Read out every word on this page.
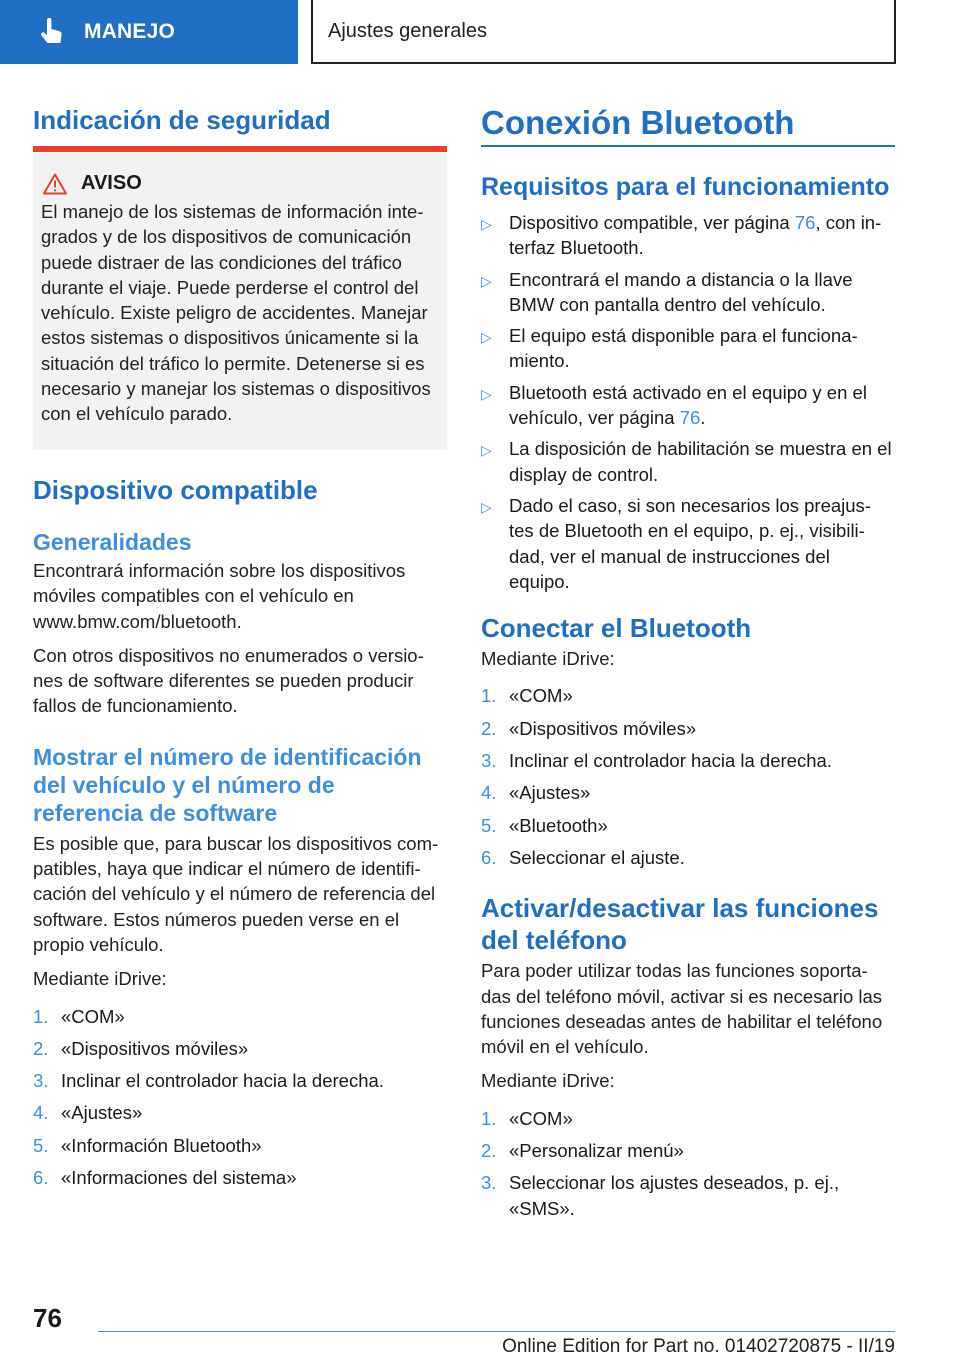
MANEJO	Ajustes generales
Indicación de seguridad
AVISO
El manejo de los sistemas de información inte-grados y de los dispositivos de comunicación puede distraer de las condiciones del tráfico durante el viaje. Puede perderse el control del vehículo. Existe peligro de accidentes. Manejar estos sistemas o dispositivos únicamente si la situación del tráfico lo permite. Detenerse si es necesario y manejar los sistemas o dispositivos con el vehículo parado.
Dispositivo compatible
Generalidades
Encontrará información sobre los dispositivos móviles compatibles con el vehículo en www.bmw.com/bluetooth.
Con otros dispositivos no enumerados o versio-nes de software diferentes se pueden producir fallos de funcionamiento.
Mostrar el número de identificación del vehículo y el número de referencia de software
Es posible que, para buscar los dispositivos com-patibles, haya que indicar el número de identifi-cación del vehículo y el número de referencia del software. Estos números pueden verse en el propio vehículo.
Mediante iDrive:
1. «COM»
2. «Dispositivos móviles»
3. Inclinar el controlador hacia la derecha.
4. «Ajustes»
5. «Información Bluetooth»
6. «Informaciones del sistema»
Conexión Bluetooth
Requisitos para el funcionamiento
▷ Dispositivo compatible, ver página 76, con in-terfaz Bluetooth.
▷ Encontrará el mando a distancia o la llave BMW con pantalla dentro del vehículo.
▷ El equipo está disponible para el funciona-miento.
▷ Bluetooth está activado en el equipo y en el vehículo, ver página 76.
▷ La disposición de habilitación se muestra en el display de control.
▷ Dado el caso, si son necesarios los preajus-tes de Bluetooth en el equipo, p. ej., visibili-dad, ver el manual de instrucciones del equipo.
Conectar el Bluetooth
Mediante iDrive:
1. «COM»
2. «Dispositivos móviles»
3. Inclinar el controlador hacia la derecha.
4. «Ajustes»
5. «Bluetooth»
6. Seleccionar el ajuste.
Activar/desactivar las funciones del teléfono
Para poder utilizar todas las funciones soporta-das del teléfono móvil, activar si es necesario las funciones deseadas antes de habilitar el teléfono móvil en el vehículo.
Mediante iDrive:
1. «COM»
2. «Personalizar menú»
3. Seleccionar los ajustes deseados, p. ej., «SMS».
76
Online Edition for Part no. 01402720875 - II/19
